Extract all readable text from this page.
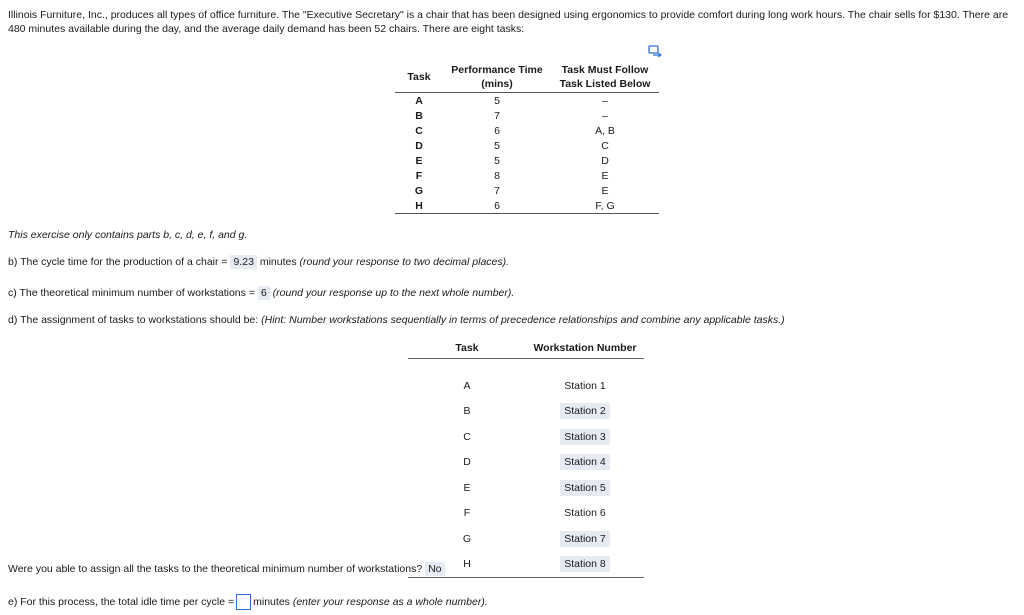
Illinois Furniture, Inc., produces all types of office furniture. The "Executive Secretary" is a chair that has been designed using ergonomics to provide comfort during long work hours. The chair sells for $130. There are 480 minutes available during the day, and the average daily demand has been 52 chairs. There are eight tasks:
Task	Performance Time (mins)	Task Must Follow Task Listed Below
A	5	–
B	7	–
C	6	A, B
D	5	C
E	5	D
F	8	E
G	7	E
H	6	F, G
This exercise only contains parts b, c, d, e, f, and g.
b) The cycle time for the production of a chair = 9.23 minutes (round your response to two decimal places).
c) The theoretical minimum number of workstations = 6 (round your response up to the next whole number).
d) The assignment of tasks to workstations should be: (Hint: Number workstations sequentially in terms of precedence relationships and combine any applicable tasks.)
Task	Workstation Number

A	Station 1
B	Station 2
C	Station 3
D	Station 4
E	Station 5
F	Station 6
G	Station 7
H	Station 8
Were you able to assign all the tasks to the theoretical minimum number of workstations? No
e) For this process, the total idle time per cycle = minutes (enter your response as a whole number).
